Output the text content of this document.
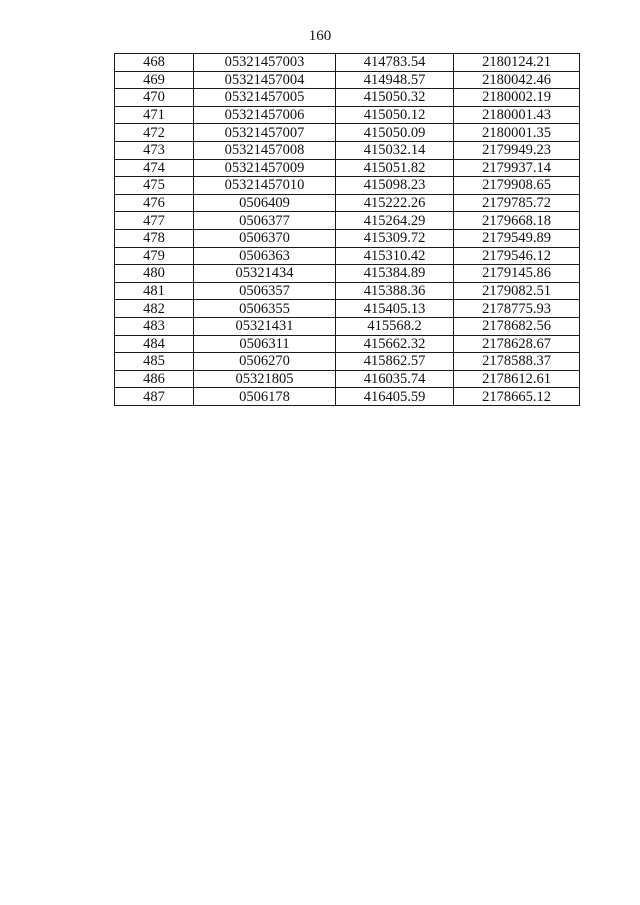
160
468	05321457003	414783.54	2180124.21
469	05321457004	414948.57	2180042.46
470	05321457005	415050.32	2180002.19
471	05321457006	415050.12	2180001.43
472	05321457007	415050.09	2180001.35
473	05321457008	415032.14	2179949.23
474	05321457009	415051.82	2179937.14
475	05321457010	415098.23	2179908.65
476	0506409	415222.26	2179785.72
477	0506377	415264.29	2179668.18
478	0506370	415309.72	2179549.89
479	0506363	415310.42	2179546.12
480	05321434	415384.89	2179145.86
481	0506357	415388.36	2179082.51
482	0506355	415405.13	2178775.93
483	05321431	415568.2	2178682.56
484	0506311	415662.32	2178628.67
485	0506270	415862.57	2178588.37
486	05321805	416035.74	2178612.61
487	0506178	416405.59	2178665.12
